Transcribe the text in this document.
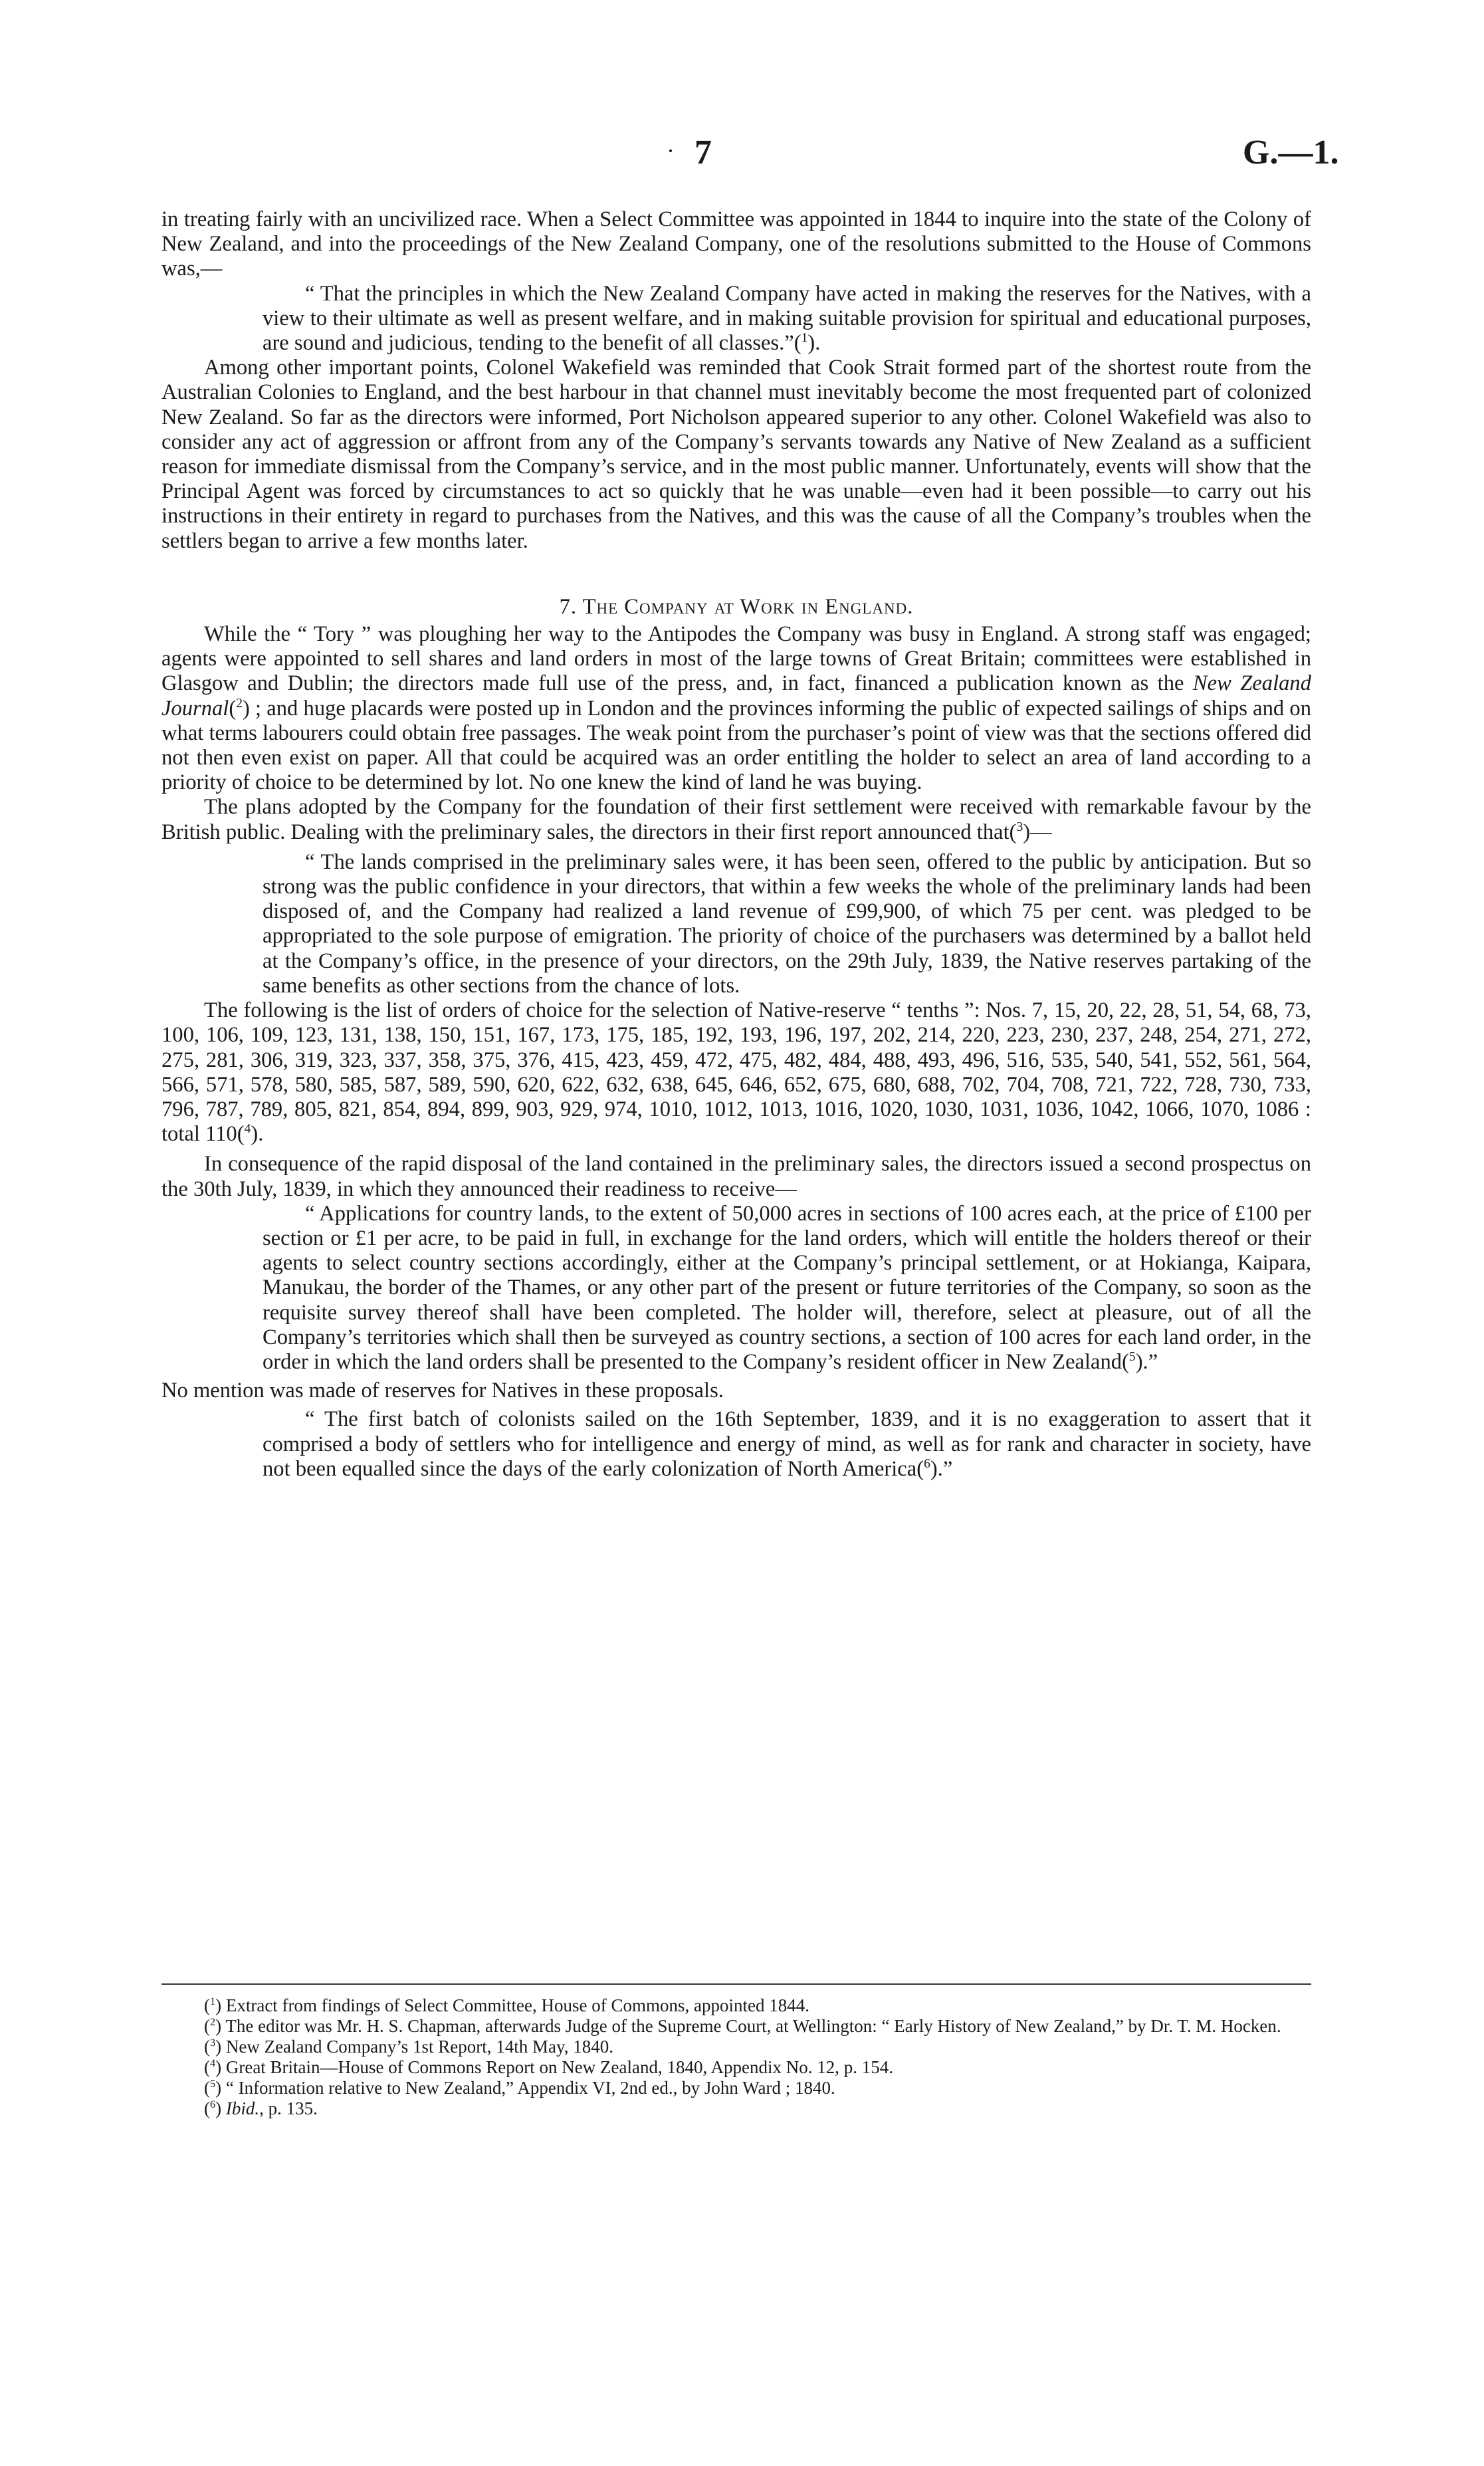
· 7	G.—1.

in treating fairly with an uncivilized race. When a Select Committee was appointed in 1844 to inquire into the state of the Colony of New Zealand, and into the proceedings of the New Zealand Company, one of the resolutions submitted to the House of Commons was,—

“ That the principles in which the New Zealand Company have acted in making the reserves for the Natives, with a view to their ultimate as well as present welfare, and in making suitable provision for spiritual and educational purposes, are sound and judicious, tending to the benefit of all classes.”($^1$).

Among other important points, Colonel Wakefield was reminded that Cook Strait formed part of the shortest route from the Australian Colonies to England, and the best harbour in that channel must inevitably become the most frequented part of colonized New Zealand. So far as the directors were informed, Port Nicholson appeared superior to any other. Colonel Wakefield was also to consider any act of aggression or affront from any of the Company’s servants towards any Native of New Zealand as a sufficient reason for immediate dismissal from the Company’s service, and in the most public manner. Unfortunately, events will show that the Principal Agent was forced by circumstances to act so quickly that he was unable—even had it been possible—to carry out his instructions in their entirety in regard to purchases from the Natives, and this was the cause of all the Company’s troubles when the settlers began to arrive a few months later.

7. The Company at Work in England.

While the “ Tory ” was ploughing her way to the Antipodes the Company was busy in England. A strong staff was engaged; agents were appointed to sell shares and land orders in most of the large towns of Great Britain; committees were established in Glasgow and Dublin; the directors made full use of the press, and, in fact, financed a publication known as the New Zealand Journal($^2$) ; and huge placards were posted up in London and the provinces informing the public of expected sailings of ships and on what terms labourers could obtain free passages. The weak point from the purchaser’s point of view was that the sections offered did not then even exist on paper. All that could be acquired was an order entitling the holder to select an area of land according to a priority of choice to be determined by lot. No one knew the kind of land he was buying.

The plans adopted by the Company for the foundation of their first settlement were received with remarkable favour by the British public. Dealing with the preliminary sales, the directors in their first report announced that($^3$)—

“ The lands comprised in the preliminary sales were, it has been seen, offered to the public by anticipation. But so strong was the public confidence in your directors, that within a few weeks the whole of the preliminary lands had been disposed of, and the Company had realized a land revenue of £99,900, of which 75 per cent. was pledged to be appropriated to the sole purpose of emigration. The priority of choice of the purchasers was determined by a ballot held at the Company’s office, in the presence of your directors, on the 29th July, 1839, the Native reserves partaking of the same benefits as other sections from the chance of lots.

The following is the list of orders of choice for the selection of Native-reserve “ tenths ”: Nos. 7, 15, 20, 22, 28, 51, 54, 68, 73, 100, 106, 109, 123, 131, 138, 150, 151, 167, 173, 175, 185, 192, 193, 196, 197, 202, 214, 220, 223, 230, 237, 248, 254, 271, 272, 275, 281, 306, 319, 323, 337, 358, 375, 376, 415, 423, 459, 472, 475, 482, 484, 488, 493, 496, 516, 535, 540, 541, 552, 561, 564, 566, 571, 578, 580, 585, 587, 589, 590, 620, 622, 632, 638, 645, 646, 652, 675, 680, 688, 702, 704, 708, 721, 722, 728, 730, 733, 796, 787, 789, 805, 821, 854, 894, 899, 903, 929, 974, 1010, 1012, 1013, 1016, 1020, 1030, 1031, 1036, 1042, 1066, 1070, 1086 : total 110($^4$).

In consequence of the rapid disposal of the land contained in the preliminary sales, the directors issued a second prospectus on the 30th July, 1839, in which they announced their readiness to receive—

“ Applications for country lands, to the extent of 50,000 acres in sections of 100 acres each, at the price of £100 per section or £1 per acre, to be paid in full, in exchange for the land orders, which will entitle the holders thereof or their agents to select country sections accordingly, either at the Company’s principal settlement, or at Hokianga, Kaipara, Manukau, the border of the Thames, or any other part of the present or future territories of the Company, so soon as the requisite survey thereof shall have been completed. The holder will, therefore, select at pleasure, out of all the Company’s territories which shall then be surveyed as country sections, a section of 100 acres for each land order, in the order in which the land orders shall be presented to the Company’s resident officer in New Zealand($^5$).”

No mention was made of reserves for Natives in these proposals.

“ The first batch of colonists sailed on the 16th September, 1839, and it is no exaggeration to assert that it comprised a body of settlers who for intelligence and energy of mind, as well as for rank and character in society, have not been equalled since the days of the early colonization of North America($^6$).”

($^1$) Extract from findings of Select Committee, House of Commons, appointed 1844.

($^2$) The editor was Mr. H. S. Chapman, afterwards Judge of the Supreme Court, at Wellington: “ Early History of New Zealand,” by Dr. T. M. Hocken.

($^3$) New Zealand Company’s 1st Report, 14th May, 1840.

($^4$) Great Britain—House of Commons Report on New Zealand, 1840, Appendix No. 12, p. 154.

($^5$) “ Information relative to New Zealand,” Appendix VI, 2nd ed., by John Ward ; 1840.

($^6$) Ibid., p. 135.
